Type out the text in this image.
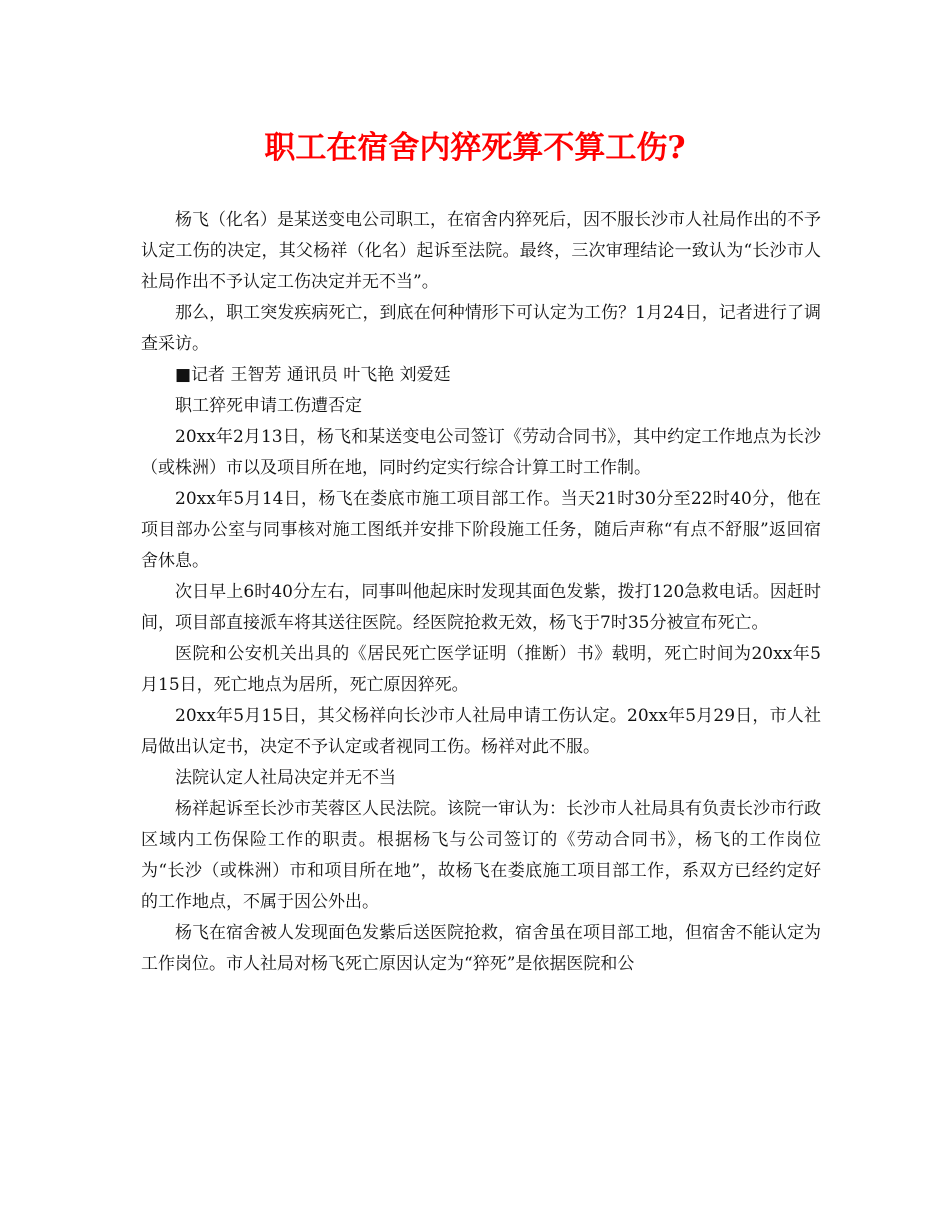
职工在宿舍内猝死算不算工伤?

杨飞（化名）是某送变电公司职工，在宿舍内猝死后，因不服长沙市人社局作出的不予认定工伤的决定，其父杨祥（化名）起诉至法院。最终，三次审理结论一致认为“长沙市人社局作出不予认定工伤决定并无不当”。

那么，职工突发疾病死亡，到底在何种情形下可认定为工伤？1月24日，记者进行了调查采访。

■记者 王智芳 通讯员 叶飞艳 刘爱廷

职工猝死申请工伤遭否定

20xx年2月13日，杨飞和某送变电公司签订《劳动合同书》，其中约定工作地点为长沙（或株洲）市以及项目所在地，同时约定实行综合计算工时工作制。

20xx年5月14日，杨飞在娄底市施工项目部工作。当天21时30分至22时40分，他在项目部办公室与同事核对施工图纸并安排下阶段施工任务，随后声称“有点不舒服”返回宿舍休息。

次日早上6时40分左右，同事叫他起床时发现其面色发紫，拨打120急救电话。因赶时间，项目部直接派车将其送往医院。经医院抢救无效，杨飞于7时35分被宣布死亡。

医院和公安机关出具的《居民死亡医学证明（推断）书》载明，死亡时间为20xx年5月15日，死亡地点为居所，死亡原因猝死。

20xx年5月15日，其父杨祥向长沙市人社局申请工伤认定。20xx年5月29日，市人社局做出认定书，决定不予认定或者视同工伤。杨祥对此不服。

法院认定人社局决定并无不当

杨祥起诉至长沙市芙蓉区人民法院。该院一审认为：长沙市人社局具有负责长沙市行政区域内工伤保险工作的职责。根据杨飞与公司签订的《劳动合同书》，杨飞的工作岗位为“长沙（或株洲）市和项目所在地”，故杨飞在娄底施工项目部工作，系双方已经约定好的工作地点，不属于因公外出。

杨飞在宿舍被人发现面色发紫后送医院抢救，宿舍虽在项目部工地，但宿舍不能认定为工作岗位。市人社局对杨飞死亡原因认定为“猝死”是依据医院和公
